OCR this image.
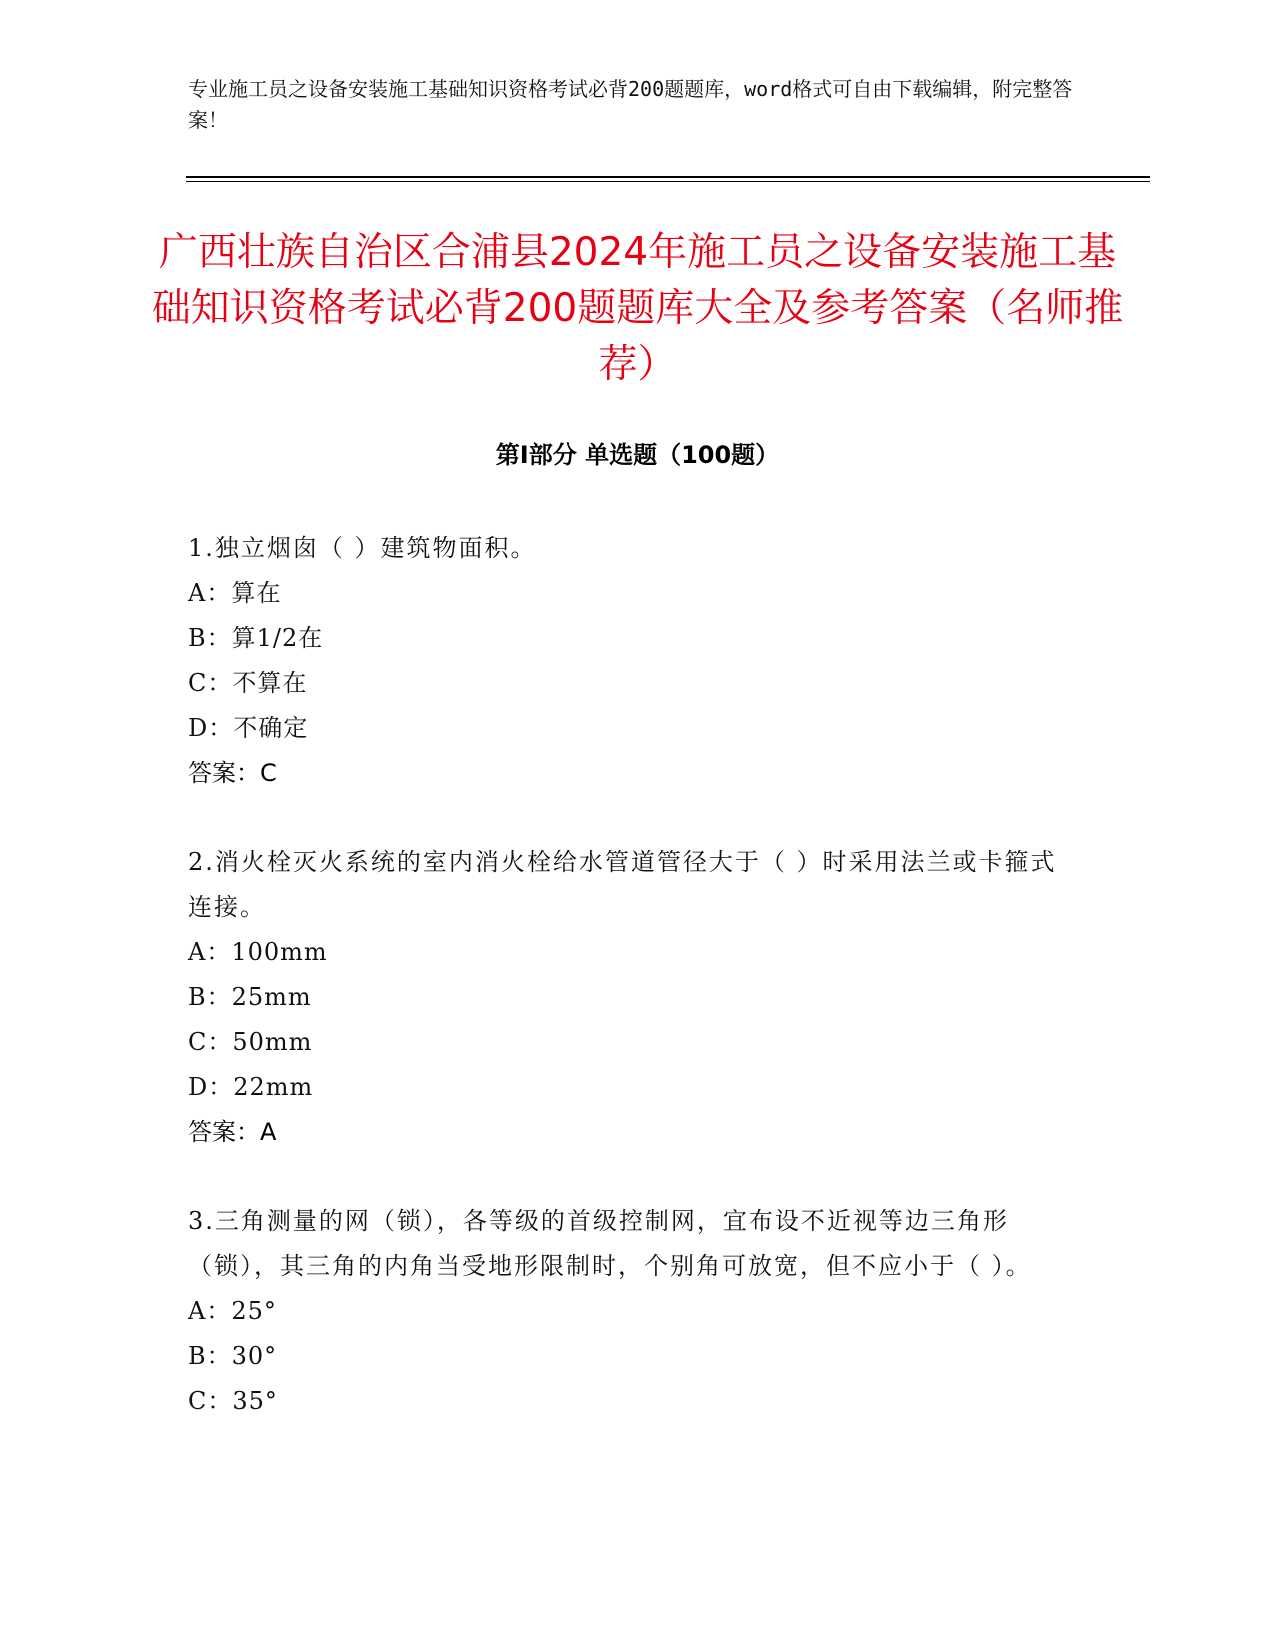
专业施工员之设备安装施工基础知识资格考试必背200题题库，word格式可自由下载编辑，附完整答案！
广西壮族自治区合浦县2024年施工员之设备安装施工基础知识资格考试必背200题题库大全及参考答案（名师推荐）
第I部分 单选题（100题）

1.独立烟囱（ ）建筑物面积。

A：算在

B：算1/2在

C：不算在

D：不确定

答案：C

2.消火栓灭火系统的室内消火栓给水管道管径大于（ ）时采用法兰或卡箍式连接。

A：100mm

B：25mm

C：50mm

D：22mm

答案：A

3.三角测量的网（锁），各等级的首级控制网，宜布设不近视等边三角形（锁），其三角的内角当受地形限制时，个别角可放宽，但不应小于（ ）。

A：25°

B：30°

C：35°
